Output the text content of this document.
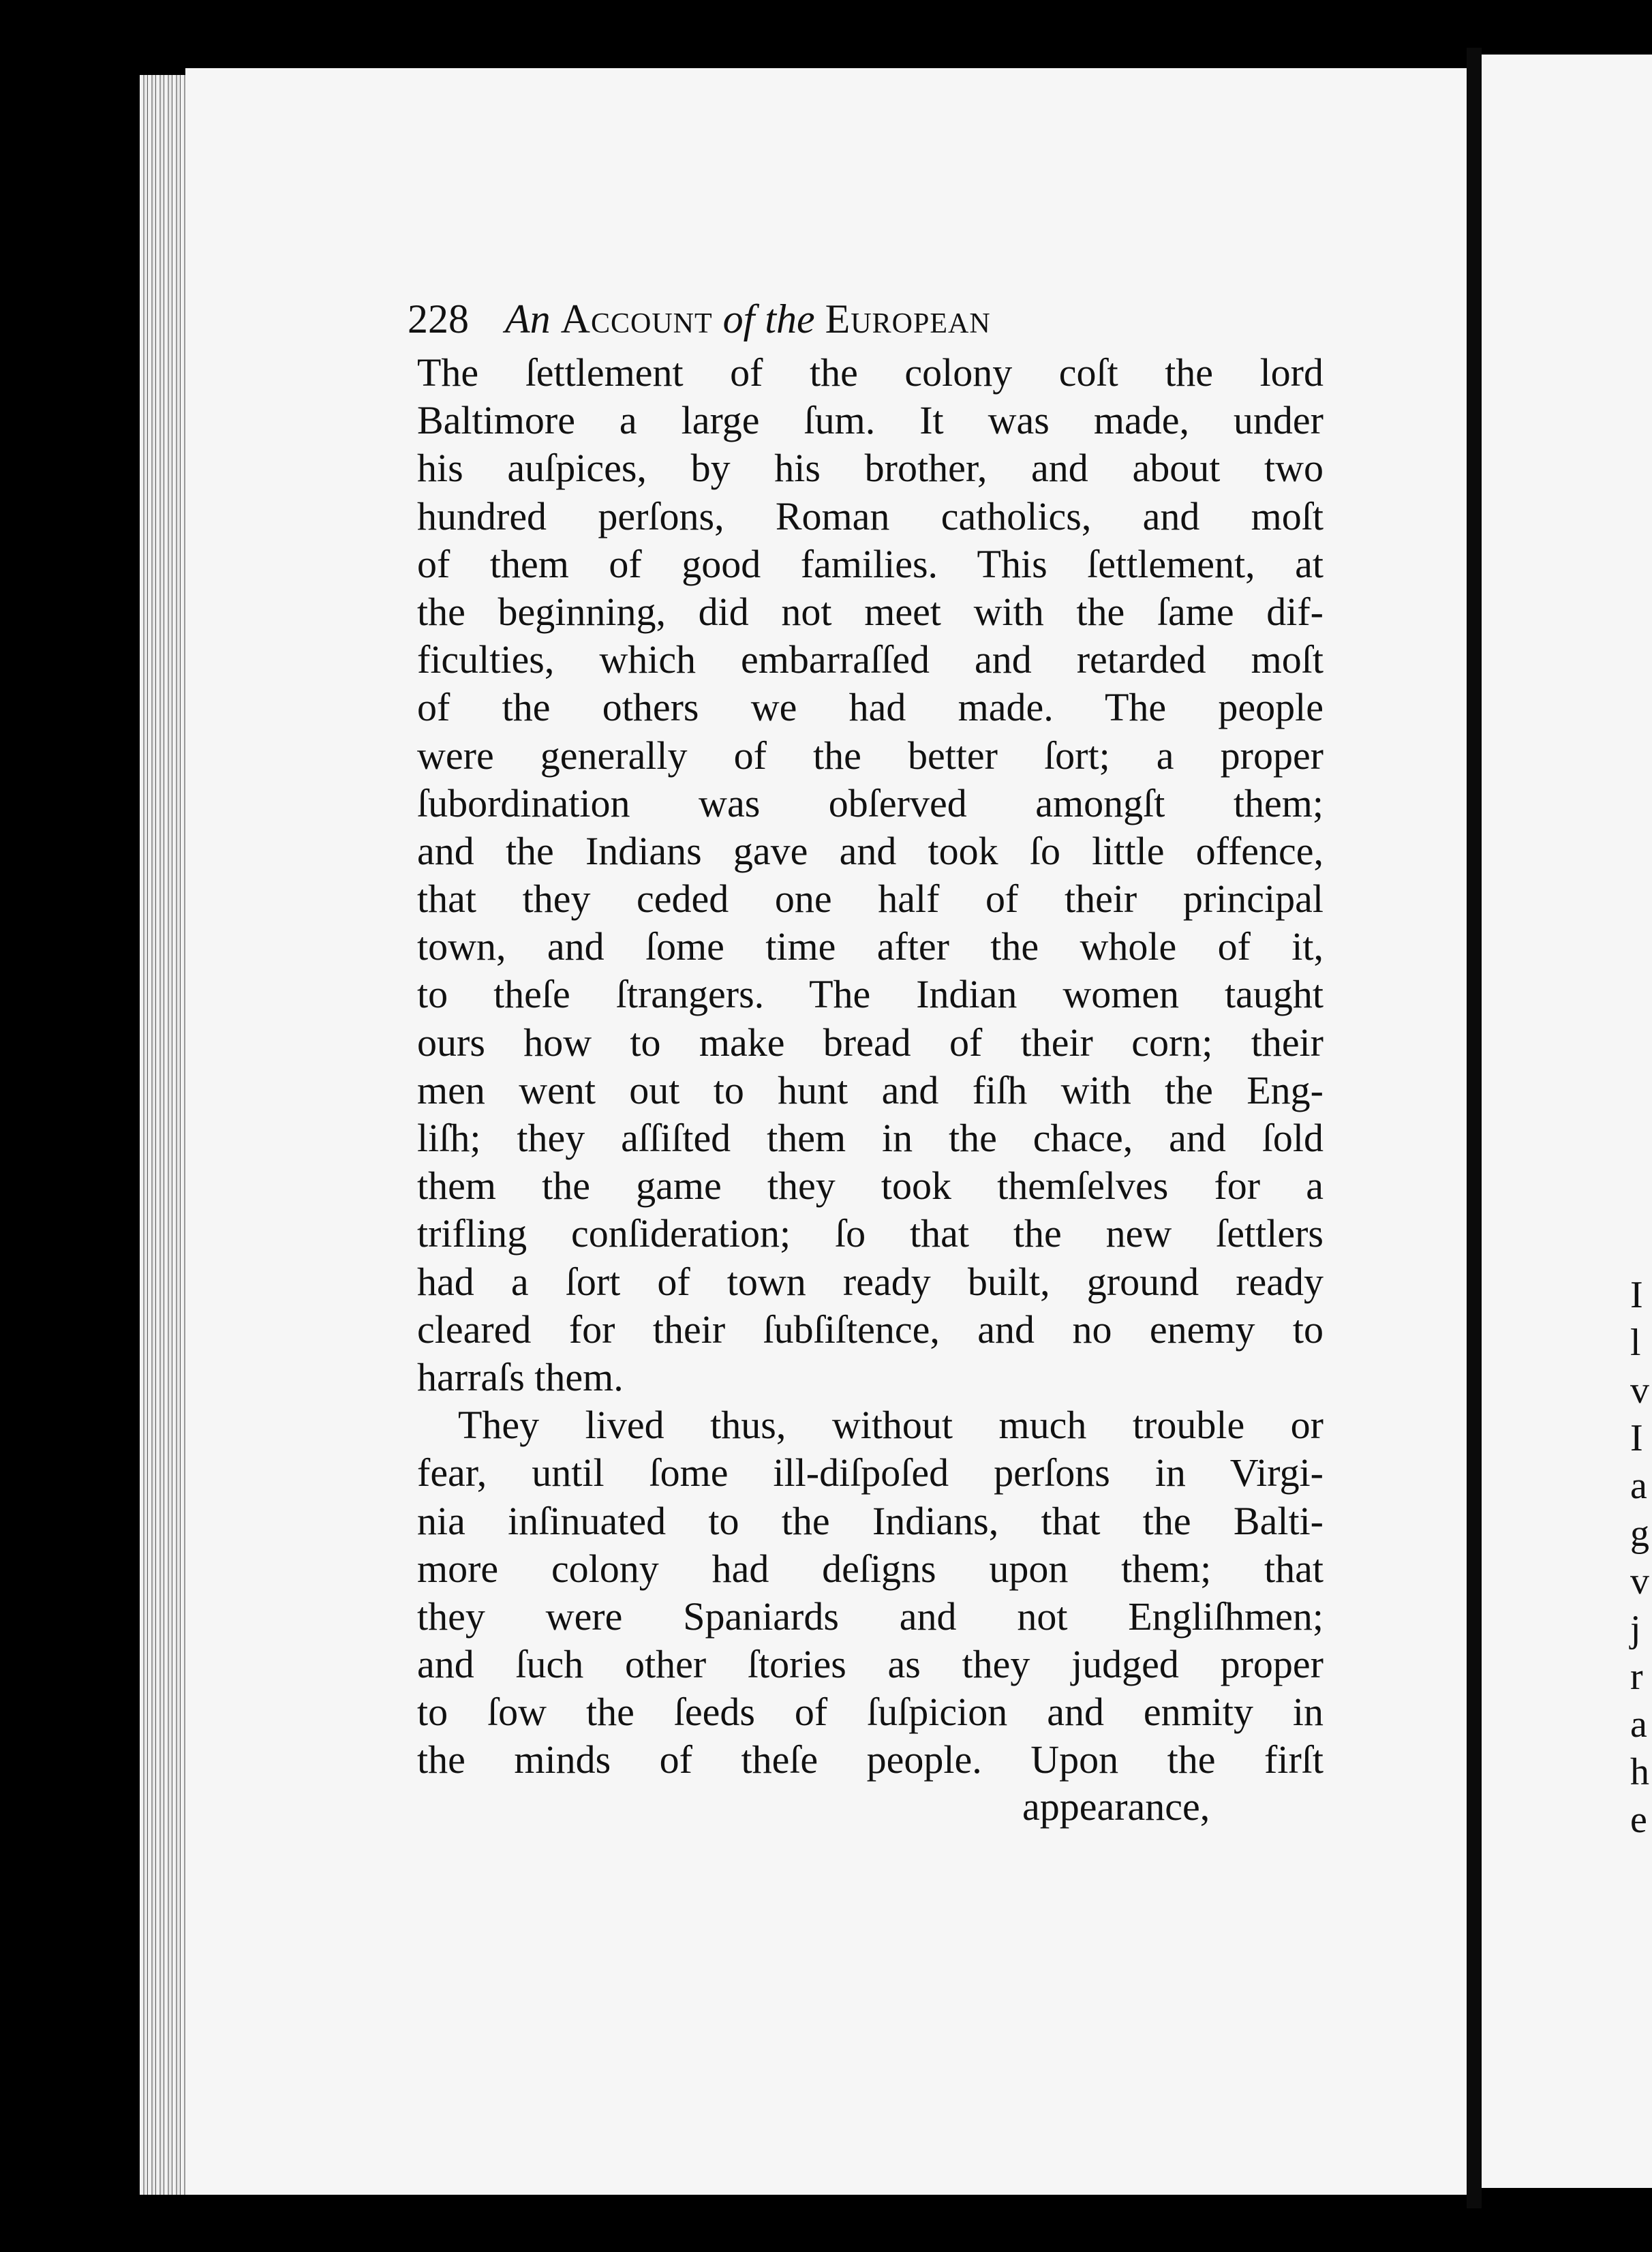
228 An Account of the European
The ſettlement of the colony coſt the lord
Baltimore a large ſum. It was made, under
his auſpices, by his brother, and about two
hundred perſons, Roman catholics, and moſt
of them of good families. This ſettlement, at
the beginning, did not meet with the ſame dif-
ficulties, which embarraſſed and retarded moſt
of the others we had made. The people
were generally of the better ſort; a proper
ſubordination was obſerved amongſt them;
and the Indians gave and took ſo little offence,
that they ceded one half of their principal
town, and ſome time after the whole of it,
to theſe ſtrangers. The Indian women taught
ours how to make bread of their corn; their
men went out to hunt and fiſh with the Eng-
liſh; they aſſiſted them in the chace, and ſold
them the game they took themſelves for a
trifling conſideration; ſo that the new ſettlers
had a ſort of town ready built, ground ready
cleared for their ſubſiſtence, and no enemy to
harraſs them.
They lived thus, without much trouble or
fear, until ſome ill-diſpoſed perſons in Virgi-
nia inſinuated to the Indians, that the Balti-
more colony had deſigns upon them; that
they were Spaniards and not Engliſhmen;
and ſuch other ſtories as they judged proper
to ſow the ſeeds of ſuſpicion and enmity in
the minds of theſe people. Upon the firſt
appearance,
I
l
v
I
a
g
v
j
r
a
h
e
